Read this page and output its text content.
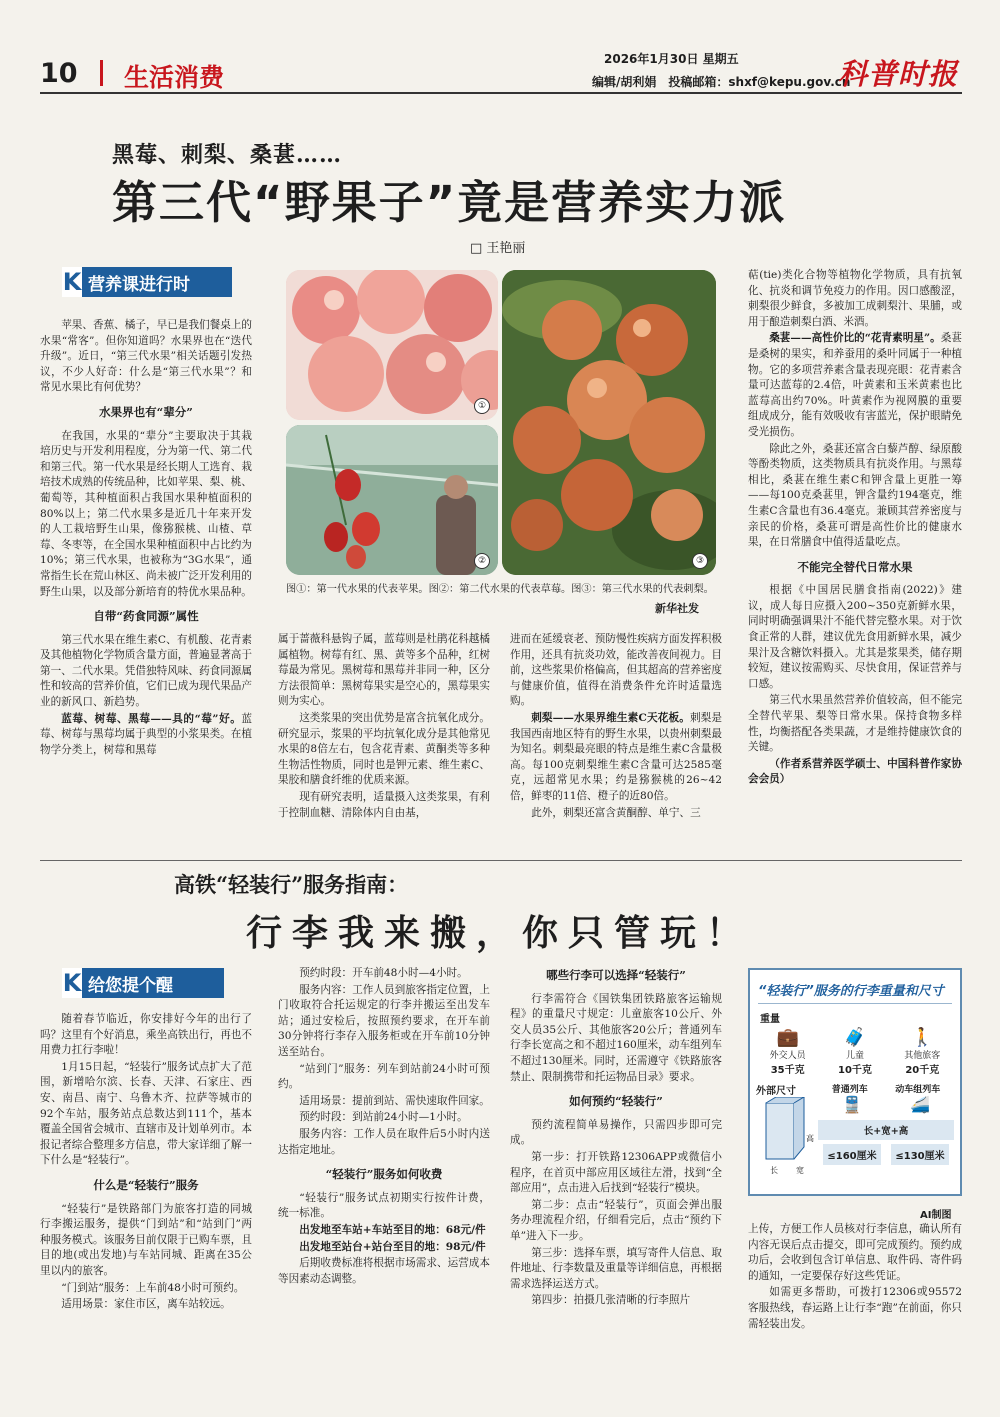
10 生活消费
2026年1月30日 星期五
编辑/胡利娟　投稿邮箱：shxf@kepu.gov.cn
科普时报
黑莓、刺梨、桑葚……
第三代“野果子”竟是营养实力派
□ 王艳丽
K 营养课进行时

苹果、香蕉、橘子，早已是我们餐桌上的水果“常客”。但你知道吗？水果界也在“迭代升级”。近日，“第三代水果”相关话题引发热议，不少人好奇：什么是“第三代水果”？和常见水果比有何优势？

水果界也有“辈分”

在我国，水果的“辈分”主要取决于其栽培历史与开发利用程度，分为第一代、第二代和第三代。第一代水果是经长期人工选育、栽培技术成熟的传统品种，比如苹果、梨、桃、葡萄等，其种植面积占我国水果种植面积的80%以上；第二代水果多是近几十年来开发的人工栽培野生山果，像猕猴桃、山楂、草莓、冬枣等，在全国水果种植面积中占比约为10%；第三代水果，也被称为“3G水果”，通常指生长在荒山林区、尚未被广泛开发利用的野生山果，以及部分新培育的特优水果品种。

自带“药食同源”属性

第三代水果在维生素C、有机酸、花青素及其他植物化学物质含量方面，普遍显著高于第一、二代水果。凭借独特风味、药食同源属性和较高的营养价值，它们已成为现代果品产业的新风口、新趋势。

蓝莓、树莓、黑莓——具的“莓”好。蓝莓、树莓与黑莓均属于典型的小浆果类。在植物学分类上，树莓和黑莓

①
②	③
图①：第一代水果的代表苹果。图②：第二代水果的代表草莓。图③：第三代水果的代表刺梨。
新华社发

属于蔷薇科悬钩子属，蓝莓则是杜鹃花科越橘属植物。树莓有红、黑、黄等多个品种，红树莓最为常见。黑树莓和黑莓并非同一种，区分方法很简单：黑树莓果实是空心的，黑莓果实则为实心。

这类浆果的突出优势是富含抗氧化成分。研究显示，浆果的平均抗氧化成分是其他常见水果的8倍左右，包含花青素、黄酮类等多种生物活性物质，同时也是钾元素、维生素C、果胶和膳食纤维的优质来源。

现有研究表明，适量摄入这类浆果，有利于控制血糖、清除体内自由基，

进而在延缓衰老、预防慢性疾病方面发挥积极作用，还具有抗炎功效，能改善夜间视力。目前，这些浆果价格偏高，但其超高的营养密度与健康价值，值得在消费条件允许时适量选购。

刺梨——水果界维生素C天花板。刺梨是我国西南地区特有的野生水果，以贵州刺梨最为知名。刺梨最亮眼的特点是维生素C含量极高。每100克刺梨维生素C含量可达2585毫克，远超常见水果；约是猕猴桃的26~42倍，鲜枣的11倍、橙子的近80倍。

此外，刺梨还富含黄酮醇、单宁、三

萜(tie)类化合物等植物化学物质，具有抗氧化、抗炎和调节免疫力的作用。因口感酸涩，刺梨很少鲜食，多被加工成刺梨汁、果脯，或用于酿造刺梨白酒、米酒。

桑葚——高性价比的“花青素明星”。桑葚是桑树的果实，和养蚕用的桑叶同属于一种植物。它的多项营养素含量表现亮眼：花青素含量可达蓝莓的2.4倍，叶黄素和玉米黄素也比蓝莓高出约70%。叶黄素作为视网膜的重要组成成分，能有效吸收有害蓝光，保护眼睛免受光损伤。

除此之外，桑葚还富含白藜芦醇、绿原酸等酚类物质，这类物质具有抗炎作用。与黑莓相比，桑葚在维生素C和钾含量上更胜一筹——每100克桑葚里，钾含量约194毫克，维生素C含量也有36.4毫克。兼顾其营养密度与亲民的价格，桑葚可谓是高性价比的健康水果，在日常膳食中值得适量吃点。

不能完全替代日常水果

根据《中国居民膳食指南(2022)》建议，成人每日应摄入200~350克新鲜水果，同时明确强调果汁不能代替完整水果。对于饮食正常的人群，建议优先食用新鲜水果，减少果汁及含糖饮料摄入。尤其是浆果类，储存期较短，建议按需购买、尽快食用，保证营养与口感。

第三代水果虽然营养价值较高，但不能完全替代苹果、梨等日常水果。保持食物多样性，均衡搭配各类果蔬，才是维持健康饮食的关键。

（作者系营养医学硕士、中国科普作家协会会员）

高铁“轻装行”服务指南：
行李我来搬，你只管玩！
K 给您提个醒

随着春节临近，你安排好今年的出行了吗？这里有个好消息，乘坐高铁出行，再也不用费力扛行李啦！

1月15日起，“轻装行”服务试点扩大了范围，新增哈尔滨、长春、天津、石家庄、西安、南昌、南宁、乌鲁木齐、拉萨等城市的92个车站，服务站点总数达到111个，基本覆盖全国省会城市、直辖市及计划单列市。本报记者综合整理多方信息，带大家详细了解一下什么是“轻装行”。

什么是“轻装行”服务

“轻装行”是铁路部门为旅客打造的同城行李搬运服务，提供“门到站”和“站到门”两种服务模式。该服务目前仅限于已购车票，且目的地(或出发地)与车站同城、距离在35公里以内的旅客。

“门到站”服务：上车前48小时可预约。

适用场景：家住市区，离车站较远。

预约时段：开车前48小时—4小时。

服务内容：工作人员到旅客指定位置，上门收取符合托运规定的行李并搬运至出发车站；通过安检后，按照预约要求，在开车前30分钟将行李存入服务柜或在开车前10分钟送至站台。

“站到门”服务：列车到站前24小时可预约。

适用场景：提前到站、需快速取件回家。

预约时段：到站前24小时—1小时。

服务内容：工作人员在取件后5小时内送达指定地址。

“轻装行”服务如何收费

“轻装行”服务试点初期实行按件计费，统一标准。

出发地至车站+车站至目的地：68元/件

出发地至站台+站台至目的地：98元/件

后期收费标准将根据市场需求、运营成本等因素动态调整。

哪些行李可以选择“轻装行”

行李需符合《国铁集团铁路旅客运输规程》的重量尺寸规定：儿童旅客10公斤、外交人员35公斤、其他旅客20公斤；普通列车行李长宽高之和不超过160厘米，动车组列车不超过130厘米。同时，还需遵守《铁路旅客禁止、限制携带和托运物品目录》要求。

如何预约“轻装行”

预约流程简单易操作，只需四步即可完成。

第一步：打开铁路12306APP或微信小程序，在首页中部应用区域往左滑，找到“全部应用”，点击进入后找到“轻装行”模块。

第二步：点击“轻装行”，页面会弹出服务办理流程介绍，仔细看完后，点击“预约下单”进入下一步。

第三步：选择车票，填写寄件人信息、取件地址、行李数量及重量等详细信息，再根据需求选择运送方式。

第四步：拍摄几张清晰的行李照片

“轻装行”服务的行李重量和尺寸
重量
💼
外交人员
35千克
🧳
儿童
10千克
🚶
其他旅客
20千克
外部尺寸
长 宽
高
普通列车	动车组列车
🚆	🚄
长+宽+高
≤160厘米	≤130厘米
AI制图

上传，方便工作人员核对行李信息，确认所有内容无误后点击提交，即可完成预约。预约成功后，会收到包含订单信息、取件码、寄件码的通知，一定要保存好这些凭证。

如需更多帮助，可拨打12306或95572客服热线，春运路上让行李“跑”在前面，你只需轻装出发。
